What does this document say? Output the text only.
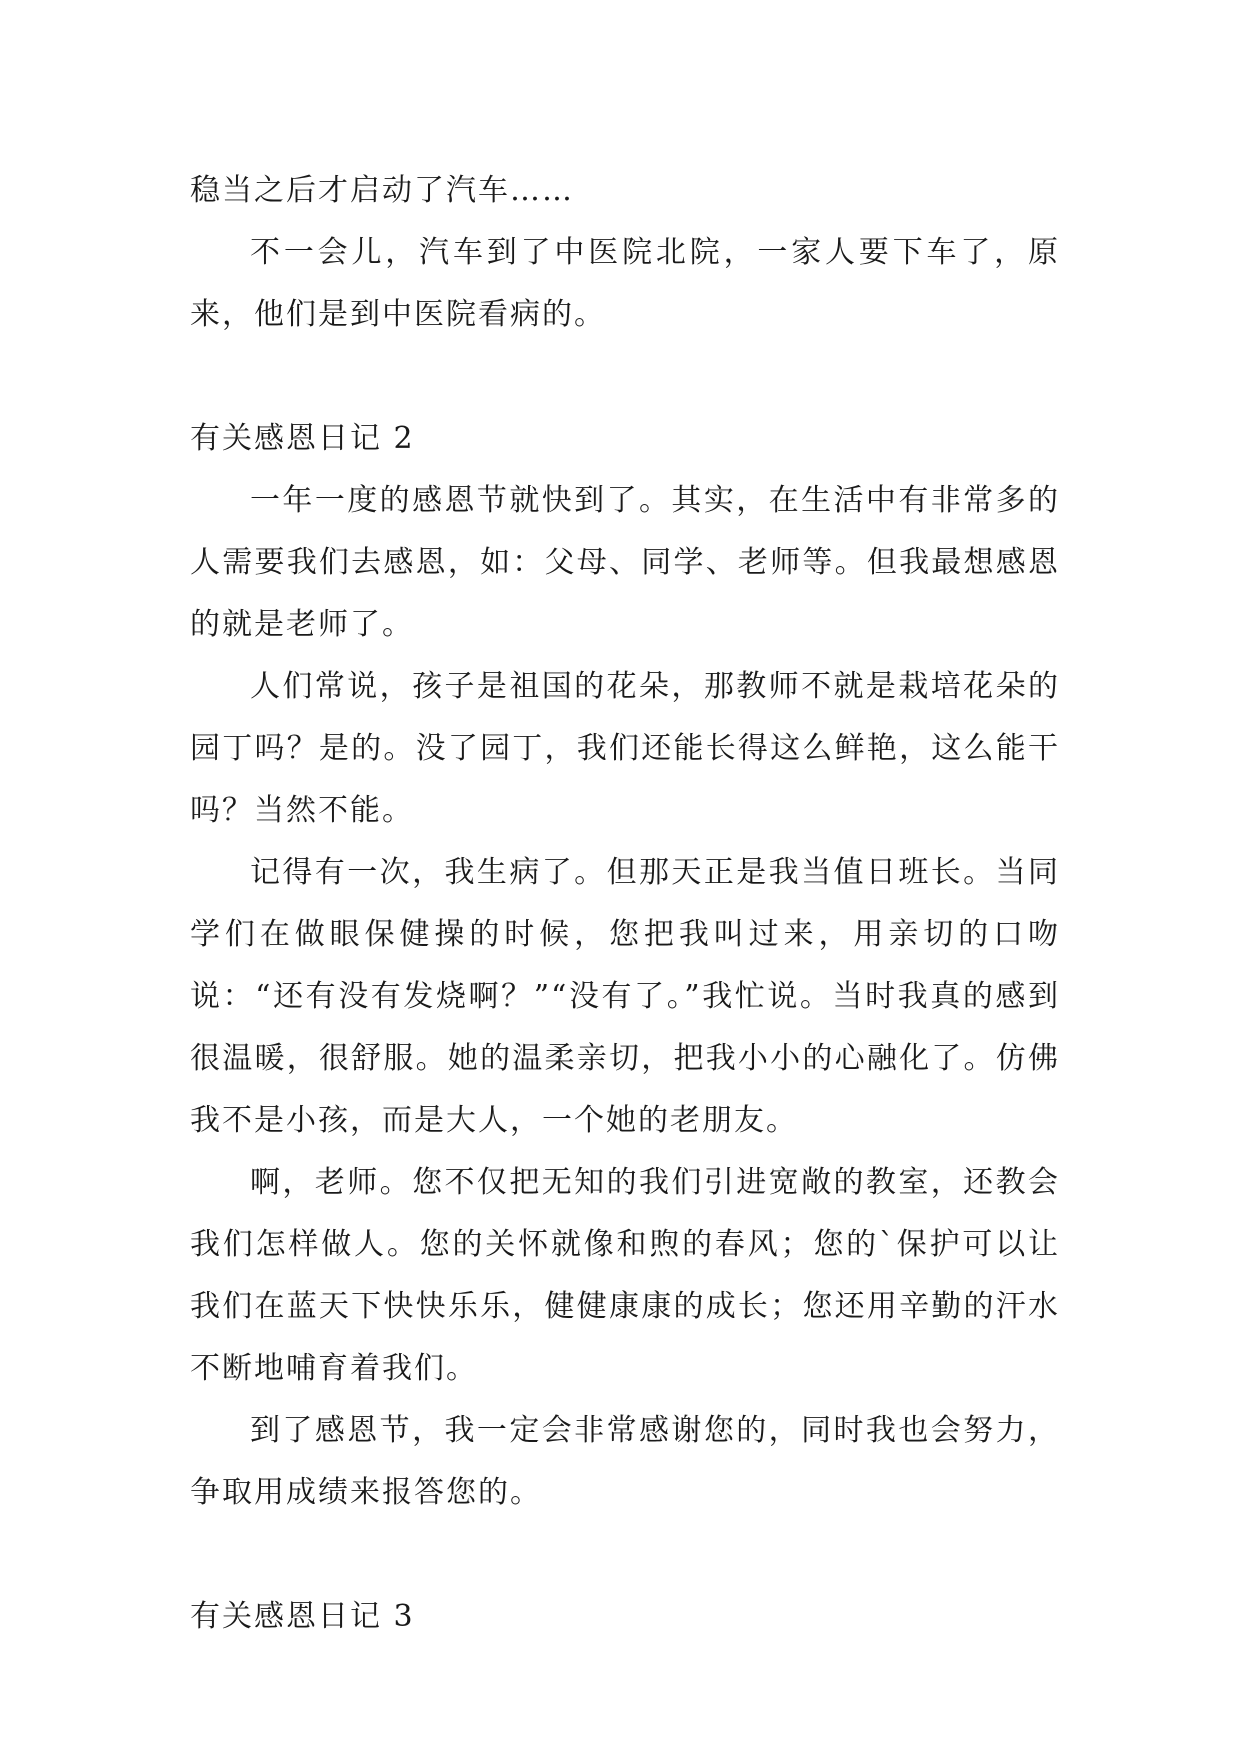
稳当之后才启动了汽车……

不一会儿，汽车到了中医院北院，一家人要下车了，原来，他们是到中医院看病的。

有关感恩日记 2

一年一度的感恩节就快到了。其实，在生活中有非常多的人需要我们去感恩，如：父母、同学、老师等。但我最想感恩的就是老师了。

人们常说，孩子是祖国的花朵，那教师不就是栽培花朵的园丁吗？是的。没了园丁，我们还能长得这么鲜艳，这么能干吗？当然不能。

记得有一次，我生病了。但那天正是我当值日班长。当同学们在做眼保健操的时候，您把我叫过来，用亲切的口吻说：“还有没有发烧啊？”“没有了。”我忙说。当时我真的感到很温暖，很舒服。她的温柔亲切，把我小小的心融化了。仿佛我不是小孩，而是大人，一个她的老朋友。

啊，老师。您不仅把无知的我们引进宽敞的教室，还教会我们怎样做人。您的关怀就像和煦的春风；您的`保护可以让我们在蓝天下快快乐乐，健健康康的成长；您还用辛勤的汗水不断地哺育着我们。

到了感恩节，我一定会非常感谢您的，同时我也会努力，争取用成绩来报答您的。

有关感恩日记 3
